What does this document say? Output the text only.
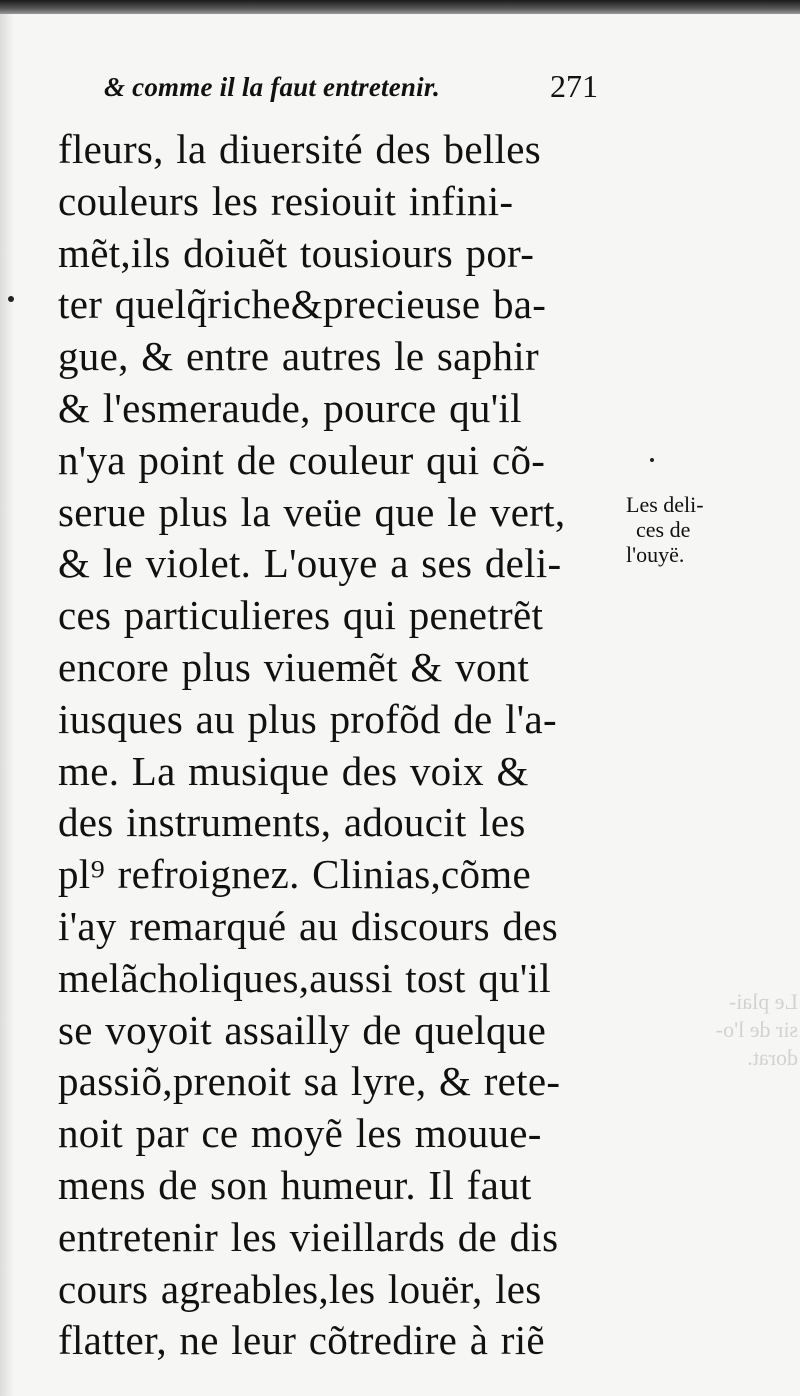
& comme il la faut entretenir.	271
fleurs, la diuersité des belles
couleurs les resiouit infini-
mẽt,ils doiuẽt tousiours por-
ter quelq̃riche&precieuse ba-
gue, & entre autres le saphir
& l'esmeraude, pource qu'il
n'ya point de couleur qui cõ-
serue plus la veüe que le vert,
& le violet. L'ouye a ses deli-
ces particulieres qui penetrẽt
encore plus viuemẽt & vont
iusques au plus profõd de l'a-
me. La musique des voix &
des instruments, adoucit les
pl⁹ refroignez. Clinias,cõme
i'ay remarqué au discours des
melãcholiques,aussi tost qu'il
se voyoit assailly de quelque
passiõ,prenoit sa lyre, & rete-
noit par ce moyẽ les mouue-
mens de son humeur. Il faut
entretenir les vieillards de dis
cours agreables,les louër, les
flatter, ne leur cõtredire à riẽ
Les deli-
ces de
l'ouyë.
Le plai-
sir de l'o-
dorat.
